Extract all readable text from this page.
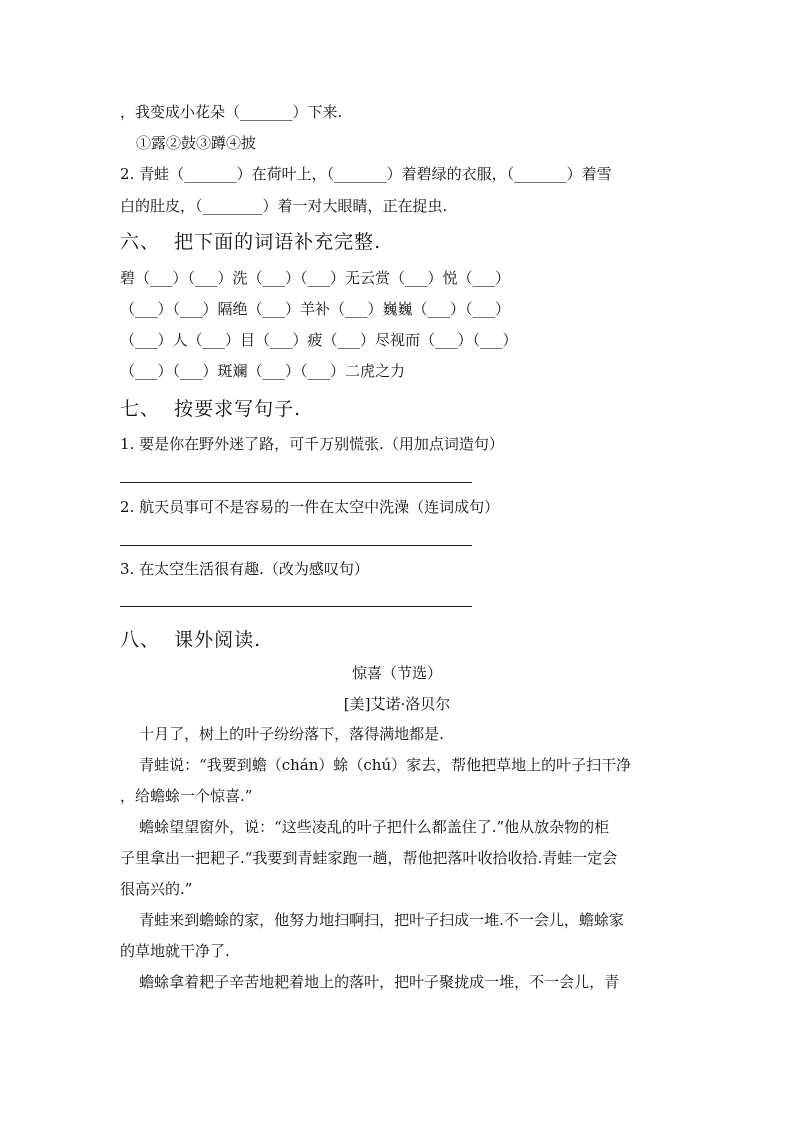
，我变成小花朵（_______）下来.
①露②鼓③蹲④披
2. 青蛙（_______）在荷叶上，（_______）着碧绿的衣服，（_______）着雪
白的肚皮，（________）着一对大眼睛，正在捉虫.
六、  把下面的词语补充完整.
碧（___）（___）洗（___）（___）无云赏（___）悦（___）
（___）（___）隔绝（___）羊补（___）巍巍（___）（___）
（___）人（___）目（___）疲（___）尽视而（___）（___）
（___）（___）斑斓（___）（___）二虎之力
七、  按要求写句子.
1. 要是你在野外迷了路，可千万别慌张.（用加点词造句）
2. 航天员事可不是容易的一件在太空中洗澡（连词成句）
3. 在太空生活很有趣.（改为感叹句）
八、  课外阅读.
惊喜（节选）
[美]艾诺·洛贝尔
十月了，树上的叶子纷纷落下，落得满地都是.
青蛙说：“我要到蟾（chán）蜍（chú）家去，帮他把草地上的叶子扫干净
，给蟾蜍一个惊喜.”
蟾蜍望望窗外，说：“这些凌乱的叶子把什么都盖住了.”他从放杂物的柜
子里拿出一把耙子.“我要到青蛙家跑一趟，帮他把落叶收拾收拾.青蛙一定会
很高兴的.”
青蛙来到蟾蜍的家，他努力地扫啊扫，把叶子扫成一堆.不一会儿，蟾蜍家
的草地就干净了.
蟾蜍拿着耙子辛苦地耙着地上的落叶，把叶子聚拢成一堆，不一会儿，青
